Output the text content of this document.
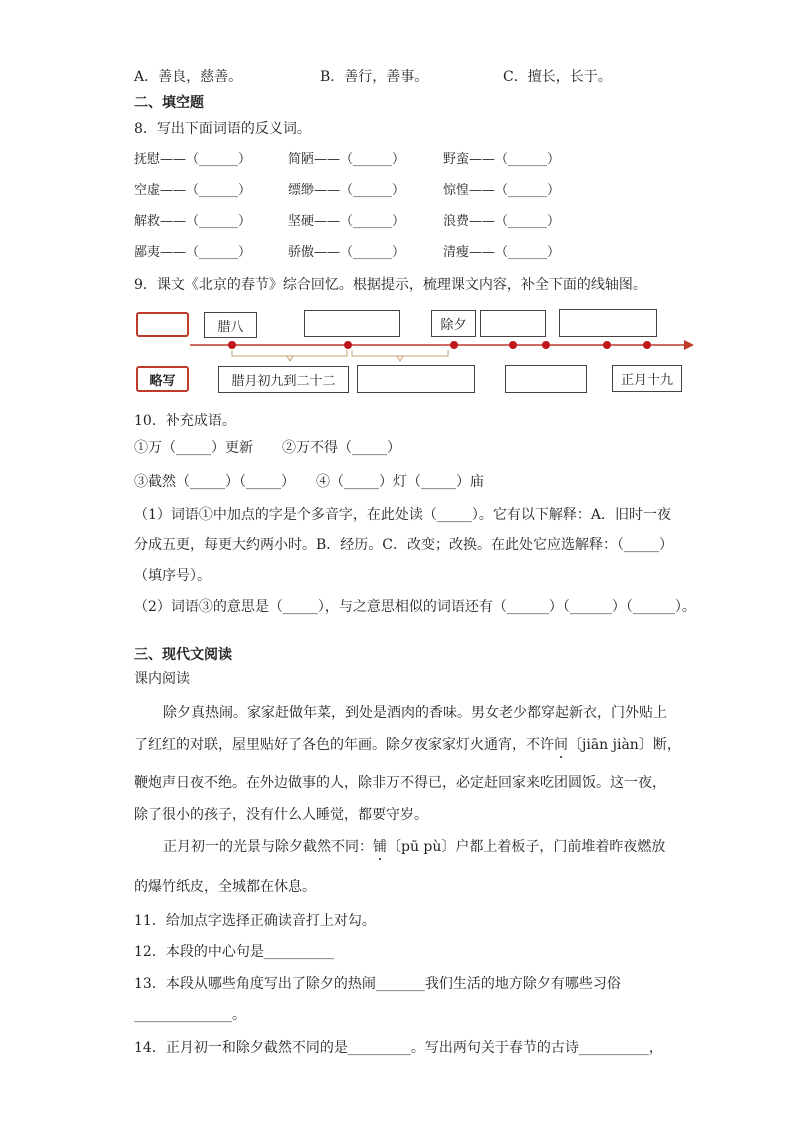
A．善良，慈善。	B．善行，善事。	C．擅长，长于。
二、填空题
8．写出下面词语的反义词。
抚慰——（______）	简陋——（______）	野蛮——（______）
空虚——（______）	缥缈——（______）	惊惶——（______）
解救——（______）	坚硬——（______）	浪费——（______）
鄙夷——（______）	骄傲——（______）	清瘦——（______）
9．课文《北京的春节》综合回忆。根据提示，梳理课文内容，补全下面的线轴图。
腊八	除夕
略写	腊月初九到二十二	正月十九
10．补充成语。
①万（_____）更新 ②万不得（_____）
③截然（_____）（_____） ④（_____）灯（_____）庙
（1）词语①中加点的字是个多音字，在此处读（_____）。它有以下解释：A．旧时一夜
分成五更，每更大约两小时。B．经历。C．改变；改换。在此处它应选解释：（_____）
（填序号）。
（2）词语③的意思是（_____），与之意思相似的词语还有（______）（______）（______）。
三、现代文阅读
课内阅读
除夕真热闹。家家赶做年菜，到处是酒肉的香味。男女老少都穿起新衣，门外贴上
了红红的对联，屋里贴好了各色的年画。除夕夜家家灯火通宵，不许间〔jiān jiàn〕断，
鞭炮声日夜不绝。在外边做事的人，除非万不得已，必定赶回家来吃团圆饭。这一夜，
除了很小的孩子，没有什么人睡觉，都要守岁。
正月初一的光景与除夕截然不同：铺〔pū pù〕户都上着板子，门前堆着昨夜燃放
的爆竹纸皮，全城都在休息。
11．给加点字选择正确读音打上对勾。
12．本段的中心句是__________
13．本段从哪些角度写出了除夕的热闹_______我们生活的地方除夕有哪些习俗
______________。
14．正月初一和除夕截然不同的是_________。写出两句关于春节的古诗__________，
